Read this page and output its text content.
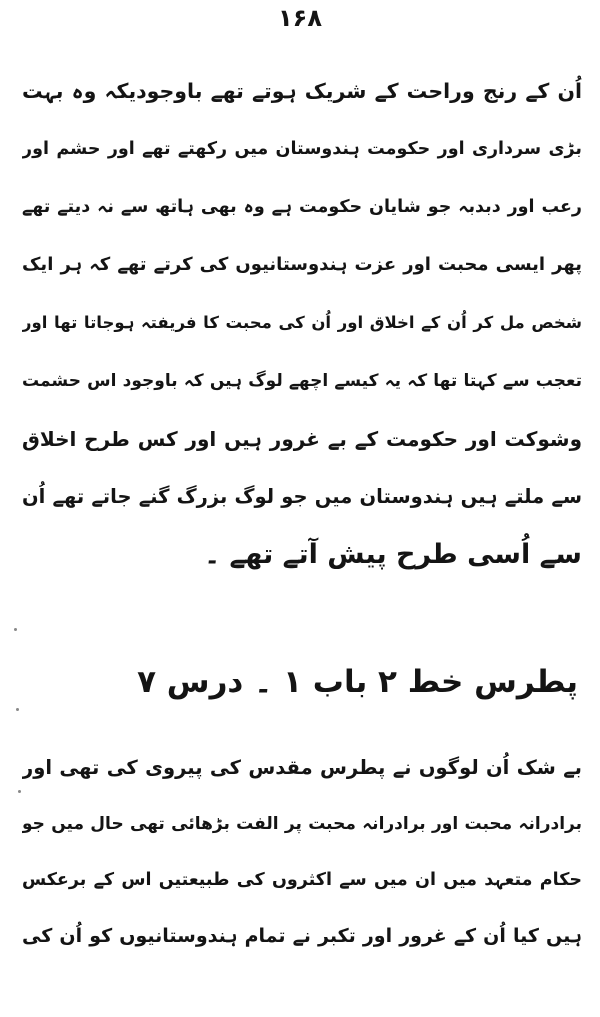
۱۶۸
اُن کے رنج وراحت کے شریک ہوتے تھے باوجودیکہ وہ بہت
بڑی سرداری اور حکومت ہندوستان میں رکھتے تھے اور حشم اور
رعب اور دبدبہ جو شایان حکومت ہے وہ بھی ہاتھ سے نہ دیتے تھے
پھر ایسی محبت اور عزت ہندوستانیوں کی کرتے تھے کہ ہر ایک
شخص مل کر اُن کے اخلاق اور اُن کی محبت کا فریفتہ ہوجاتا تھا اور
تعجب سے کہتا تھا کہ یہ کیسے اچھے لوگ ہیں کہ باوجود اس حشمت
وشوکت اور حکومت کے بے غرور ہیں اور کس طرح اخلاق
سے ملتے ہیں ہندوستان میں جو لوگ بزرگ گنے جاتے تھے اُن
سے اُسی طرح پیش آتے تھے ۔
پطرس خط ۲ باب ۱ ۔ درس ۷
بے شک اُن لوگوں نے پطرس مقدس کی پیروی کی تھی اور
برادرانہ محبت اور برادرانہ محبت پر الفت بڑھائی تھی حال میں جو
حکام متعہد میں ان میں سے اکثروں کی طبیعتیں اس کے برعکس
ہیں کیا اُن کے غرور اور تکبر نے تمام ہندوستانیوں کو اُن کی
